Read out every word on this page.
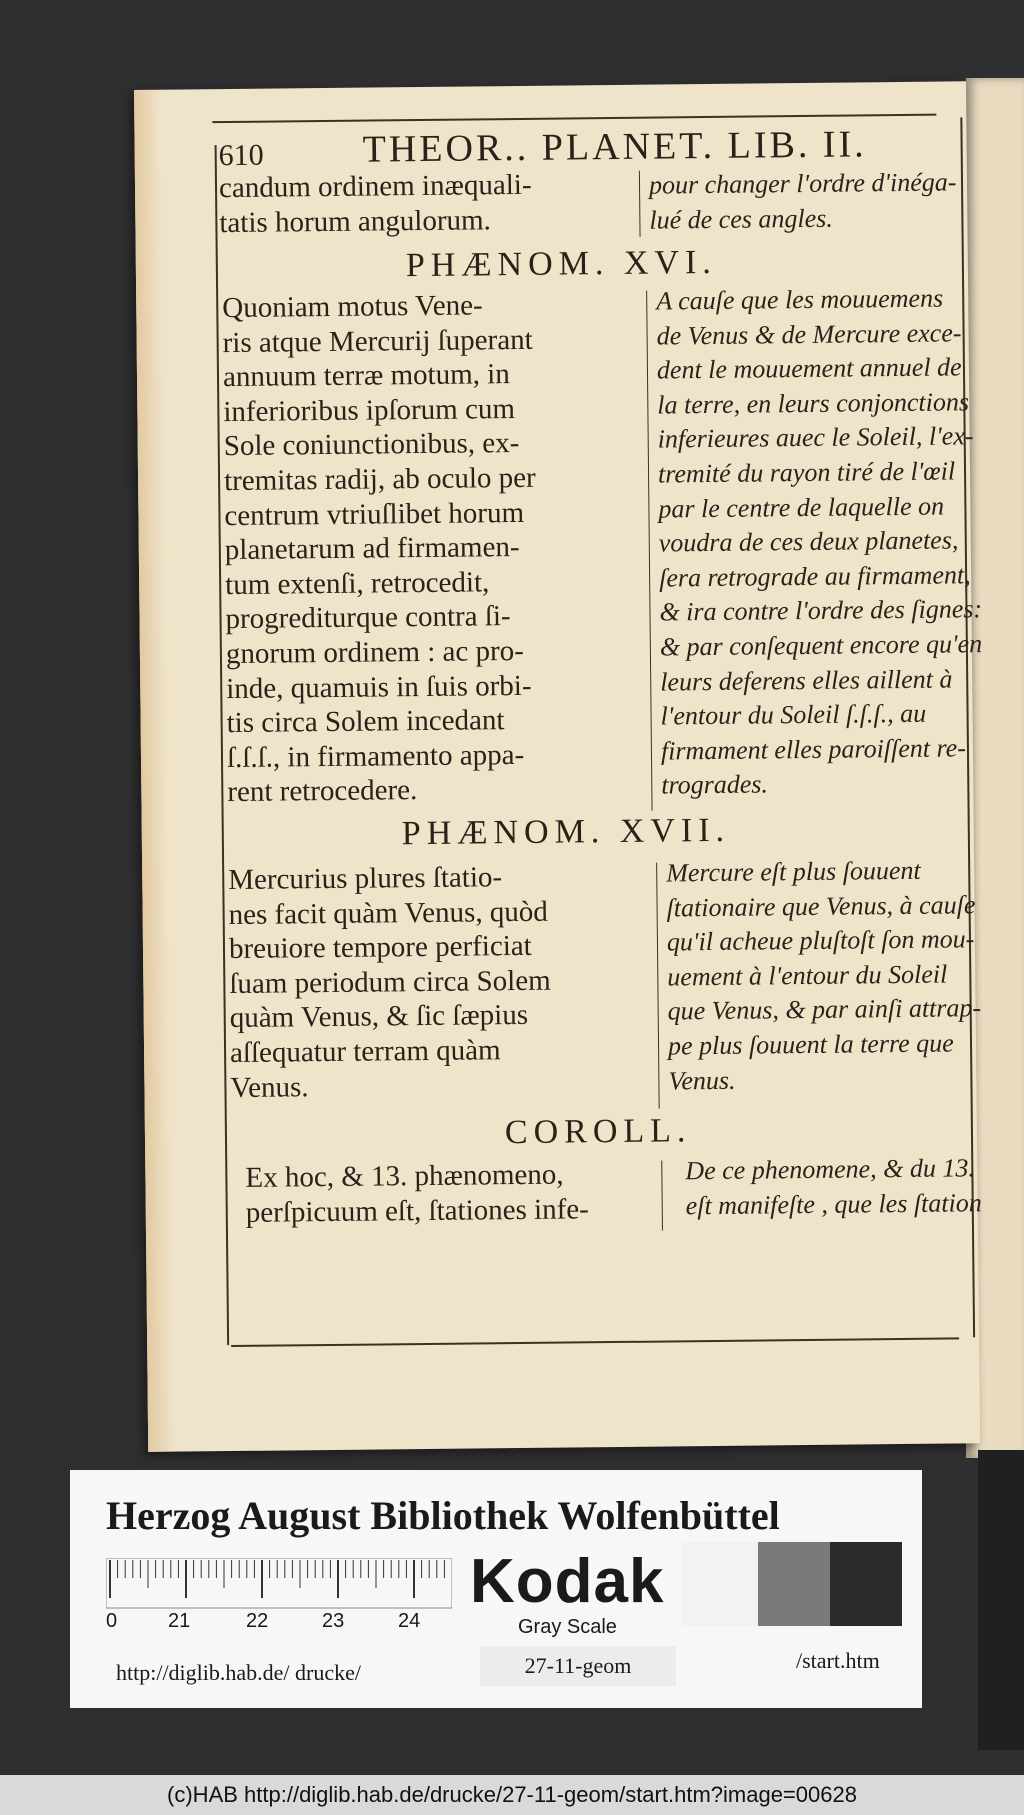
610	THEOR.. PLANET. LIB. II.
candum ordinem inæquali-
tatis horum angulorum.
pour changer l'ordre d'inéga-
lué de ces angles.
PHÆNOM. XVI.
Quoniam motus Vene-
ris atque Mercurij ſuperant
annuum terræ motum, in
inferioribus ipſorum cum
Sole coniunctionibus, ex-
tremitas radij, ab oculo per
centrum vtriuſlibet horum
planetarum ad firmamen-
tum extenſi, retrocedit,
progrediturque contra ſi-
gnorum ordinem : ac pro-
inde, quamuis in ſuis orbi-
tis circa Solem incedant
ſ.ſ.ſ., in firmamento appa-
rent retrocedere.
A cauſe que les mouuemens
de Venus & de Mercure exce-
dent le mouuement annuel de
la terre, en leurs conjonctions
inferieures auec le Soleil, l'ex-
tremité du rayon tiré de l'œil
par le centre de laquelle on
voudra de ces deux planetes,
ſera retrograde au firmament,
& ira contre l'ordre des ſignes:
& par conſequent encore qu'en
leurs deferens elles aillent à
l'entour du Soleil ſ.ſ.ſ., au
firmament elles paroiſſent re-
trogrades.
PHÆNOM. XVII.
Mercurius plures ſtatio-
nes facit quàm Venus, quòd
breuiore tempore perficiat
ſuam periodum circa Solem
quàm Venus, & ſic ſæpius
aſſequatur terram quàm
Venus.
Mercure eſt plus ſouuent
ſtationaire que Venus, à cauſe
qu'il acheue pluſtoſt ſon mou-
uement à l'entour du Soleil
que Venus, & par ainſi attrap-
pe plus ſouuent la terre que
Venus.
COROLL.
Ex hoc, & 13. phænomeno,
perſpicuum eſt, ſtationes infe-
De ce phenomene, & du 13.
eſt manifeſte , que les ſtation
Herzog August Bibliothek Wolfenbüttel
0	21	22	23	24
Kodak
Gray Scale
http://diglib.hab.de/ drucke/	27-11-geom	/start.htm
(c)HAB http://diglib.hab.de/drucke/27-11-geom/start.htm?image=00628
